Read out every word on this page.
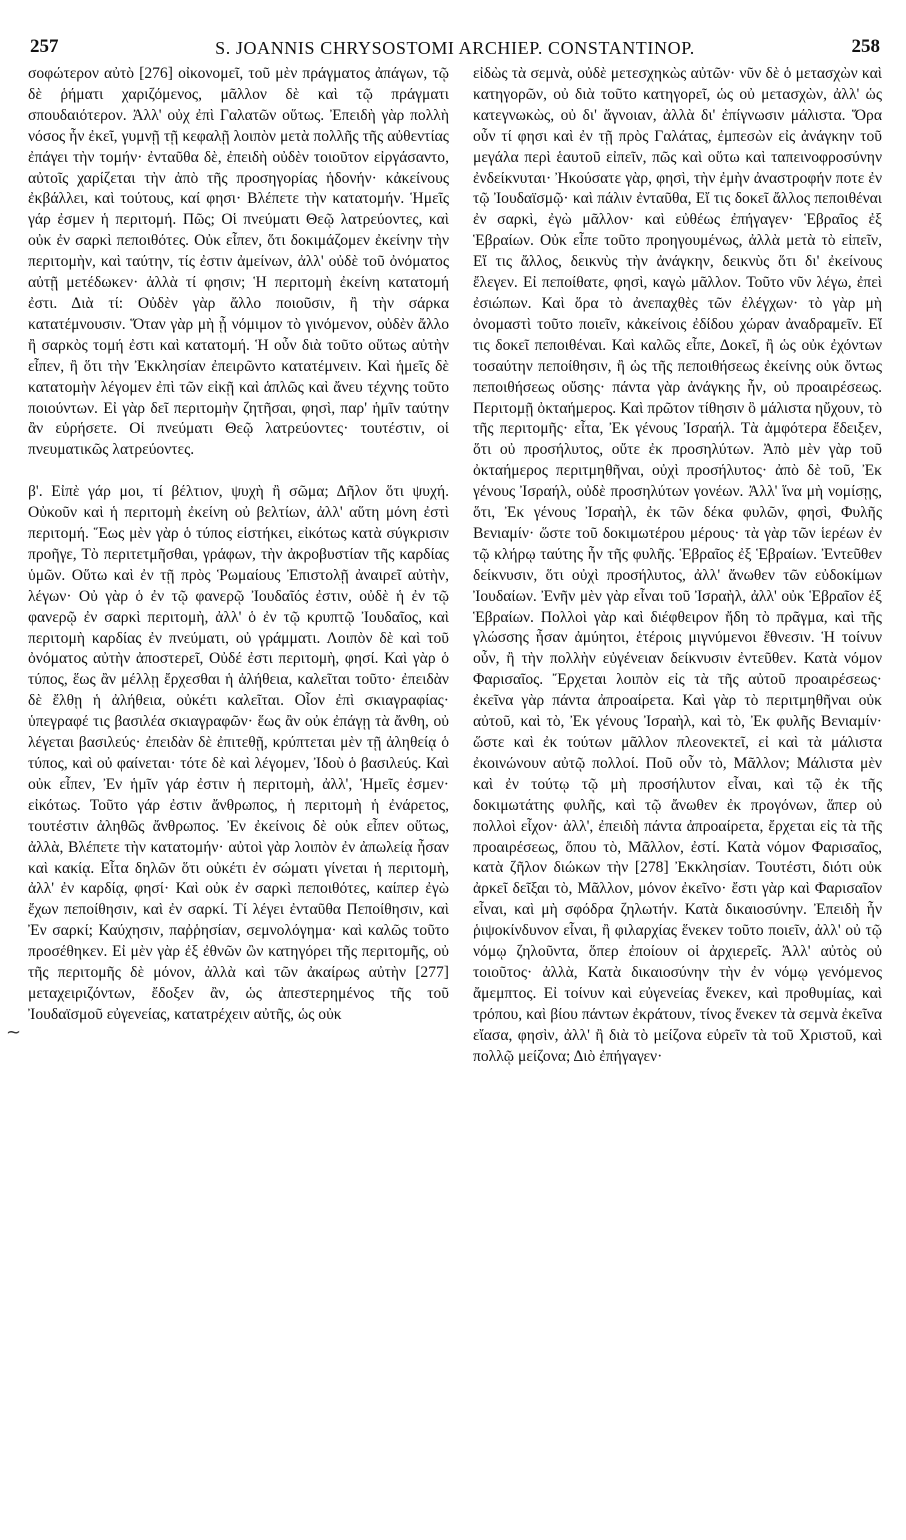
257	S. JOANNIS CHRYSOSTOMI ARCHIEP. CONSTANTINOP.	258

σοφώτερον αὐτὸ [276] οἰκονομεῖ, τοῦ μὲν πράγματος ἀπάγων, τῷ δὲ ῥήματι χαριζόμενος, μᾶλλον δὲ καὶ τῷ πράγματι σπουδαιότερον. Ἀλλ' οὐχ ἐπὶ Γαλατῶν οὕτως. Ἐπειδὴ γὰρ πολλὴ νόσος ἦν ἐκεῖ, γυμνῇ τῇ κεφαλῇ λοιπὸν μετὰ πολλῆς τῆς αὐθεντίας ἐπάγει τὴν τομήν· ἐνταῦθα δὲ, ἐπειδὴ οὐδὲν τοιοῦτον εἰργάσαντο, αὐτοῖς χαρίζεται τὴν ἀπὸ τῆς προσηγορίας ἡδονήν· κἀκείνους ἐκβάλλει, καὶ τούτους, καί φησι· Βλέπετε τὴν κατατομήν. Ἡμεῖς γάρ ἐσμεν ἡ περιτομή. Πῶς; Οἱ πνεύματι Θεῷ λατρεύοντες, καὶ οὐκ ἐν σαρκὶ πεποιθότες. Οὐκ εἶπεν, ὅτι δοκιμάζομεν ἐκείνην τὴν περιτομὴν, καὶ ταύτην, τίς ἐστιν ἀμείνων, ἀλλ' οὐδὲ τοῦ ὀνόματος αὐτῇ μετέδωκεν· ἀλλὰ τί φησιν; Ἡ περιτομὴ ἐκείνη κατατομή ἐστι. Διὰ τί: Οὐδὲν γὰρ ἄλλο ποιοῦσιν, ἢ τὴν σάρκα κατατέμνουσιν. Ὅταν γὰρ μὴ ᾖ νόμιμον τὸ γινόμενον, οὐδὲν ἄλλο ἢ σαρκὸς τομή ἐστι καὶ κατατομή. Ἡ οὖν διὰ τοῦτο οὕτως αὐτὴν εἶπεν, ἢ ὅτι τὴν Ἐκκλησίαν ἐπειρῶντο κατατέμνειν. Καὶ ἡμεῖς δὲ κατατομὴν λέγομεν ἐπὶ τῶν εἰκῇ καὶ ἁπλῶς καὶ ἄνευ τέχνης τοῦτο ποιούντων. Εἰ γὰρ δεῖ περιτομὴν ζητῆσαι, φησὶ, παρ' ἡμῖν ταύτην ἂν εὑρήσετε. Οἱ πνεύματι Θεῷ λατρεύοντες· τουτέστιν, οἱ πνευματικῶς λατρεύοντες.

β'. Εἰπὲ γάρ μοι, τί βέλτιον, ψυχὴ ἢ σῶμα; Δῆλον ὅτι ψυχή. Οὐκοῦν καὶ ἡ περιτομὴ ἐκείνη οὐ βελτίων, ἀλλ' αὕτη μόνη ἐστὶ περιτομή. Ἕως μὲν γὰρ ὁ τύπος εἱστήκει, εἰκότως κατὰ σύγκρισιν προῆγε, Τὸ περιτετμῆσθαι, γράφων, τὴν ἀκροβυστίαν τῆς καρδίας ὑμῶν. Οὕτω καὶ ἐν τῇ πρὸς Ῥωμαίους Ἐπιστολῇ ἀναιρεῖ αὐτὴν, λέγων· Οὐ γὰρ ὁ ἐν τῷ φανερῷ Ἰουδαῖός ἐστιν, οὐδὲ ἡ ἐν τῷ φανερῷ ἐν σαρκὶ περιτομὴ, ἀλλ' ὁ ἐν τῷ κρυπτῷ Ἰουδαῖος, καὶ περιτομὴ καρδίας ἐν πνεύματι, οὐ γράμματι. Λοιπὸν δὲ καὶ τοῦ ὀνόματος αὐτὴν ἀποστερεῖ, Οὐδέ ἐστι περιτομὴ, φησί. Καὶ γὰρ ὁ τύπος, ἕως ἂν μέλλῃ ἔρχεσθαι ἡ ἀλήθεια, καλεῖται τοῦτο· ἐπειδὰν δὲ ἔλθῃ ἡ ἀλήθεια, οὐκέτι καλεῖται. Οἷον ἐπὶ σκιαγραφίας· ὑπεγραφέ τις βασιλέα σκιαγραφῶν· ἕως ἂν οὐκ ἐπάγῃ τὰ ἄνθη, οὐ λέγεται βασιλεύς· ἐπειδὰν δὲ ἐπιτεθῇ, κρύπτεται μὲν τῇ ἀληθείᾳ ὁ τύπος, καὶ οὐ φαίνεται· τότε δὲ καὶ λέγομεν, Ἰδοὺ ὁ βασιλεύς. Καὶ οὐκ εἶπεν, Ἐν ἡμῖν γάρ ἐστιν ἡ περιτομὴ, ἀλλ', Ἡμεῖς ἐσμεν· εἰκότως. Τοῦτο γάρ ἐστιν ἄνθρωπος, ἡ περιτομὴ ἡ ἐνάρετος, τουτέστιν ἀληθῶς ἄνθρωπος. Ἐν ἐκείνοις δὲ οὐκ εἶπεν οὕτως, ἀλλὰ, Βλέπετε τὴν κατατομήν· αὐτοὶ γὰρ λοιπὸν ἐν ἀπωλείᾳ ἦσαν καὶ κακίᾳ. Εἶτα δηλῶν ὅτι οὐκέτι ἐν σώματι γίνεται ἡ περιτομὴ, ἀλλ' ἐν καρδίᾳ, φησί· Καὶ οὐκ ἐν σαρκὶ πεποιθότες, καίπερ ἐγὼ ἔχων πεποίθησιν, καὶ ἐν σαρκί. Τί λέγει ἐνταῦθα Πεποίθησιν, καὶ Ἐν σαρκί; Καύχησιν, παῤῥησίαν, σεμνολόγημα· καὶ καλῶς τοῦτο προσέθηκεν. Εἰ μὲν γὰρ ἐξ ἐθνῶν ὢν κατηγόρει τῆς περιτομῆς, οὐ τῆς περιτομῆς δὲ μόνον, ἀλλὰ καὶ τῶν ἀκαίρως αὐτὴν [277] μεταχειριζόντων, ἔδοξεν ἂν, ὡς ἀπεστερημένος τῆς τοῦ Ἰουδαϊσμοῦ εὐγενείας, κατατρέχειν αὐτῆς, ὡς οὐκ

εἰδὼς τὰ σεμνὰ, οὐδὲ μετεσχηκὼς αὐτῶν· νῦν δὲ ὁ μετασχὼν καὶ κατηγορῶν, οὐ διὰ τοῦτο κατηγορεῖ, ὡς οὐ μετασχὼν, ἀλλ' ὡς κατεγνωκὼς, οὐ δι' ἄγνοιαν, ἀλλὰ δι' ἐπίγνωσιν μάλιστα. Ὅρα οὖν τί φησι καὶ ἐν τῇ πρὸς Γαλάτας, ἐμπεσὼν εἰς ἀνάγκην τοῦ μεγάλα περὶ ἑαυτοῦ εἰπεῖν, πῶς καὶ οὕτω καὶ ταπεινοφροσύνην ἐνδείκνυται· Ἠκούσατε γὰρ, φησὶ, τὴν ἐμὴν ἀναστροφήν ποτε ἐν τῷ Ἰουδαϊσμῷ· καὶ πάλιν ἐνταῦθα, Εἴ τις δοκεῖ ἄλλος πεποιθέναι ἐν σαρκὶ, ἐγὼ μᾶλλον· καὶ εὐθέως ἐπήγαγεν· Ἑβραῖος ἐξ Ἑβραίων. Οὐκ εἶπε τοῦτο προηγουμένως, ἀλλὰ μετὰ τὸ εἰπεῖν, Εἴ τις ἄλλος, δεικνὺς τὴν ἀνάγκην, δεικνὺς ὅτι δι' ἐκείνους ἔλεγεν. Εἰ πεποίθατε, φησὶ, καγὼ μᾶλλον. Τοῦτο νῦν λέγω, ἐπεὶ ἐσιώπων. Καὶ ὅρα τὸ ἀνεπαχθὲς τῶν ἐλέγχων· τὸ γὰρ μὴ ὀνομαστὶ τοῦτο ποιεῖν, κἀκείνοις ἐδίδου χώραν ἀναδραμεῖν. Εἴ τις δοκεῖ πεποιθέναι. Καὶ καλῶς εἶπε, Δοκεῖ, ἢ ὡς οὐκ ἐχόντων τοσαύτην πεποίθησιν, ἢ ὡς τῆς πεποιθήσεως ἐκείνης οὐκ ὄντως πεποιθήσεως οὔσης· πάντα γὰρ ἀνάγκης ἦν, οὐ προαιρέσεως. Περιτομῇ ὀκταήμερος. Καὶ πρῶτον τίθησιν ὃ μάλιστα ηὔχουν, τὸ τῆς περιτομῆς· εἶτα, Ἐκ γένους Ἰσραήλ. Τὰ ἀμφότερα ἔδειξεν, ὅτι οὐ προσήλυτος, οὔτε ἐκ προσηλύτων. Ἀπὸ μὲν γὰρ τοῦ ὀκταήμερος περιτμηθῆναι, οὐχὶ προσήλυτος· ἀπὸ δὲ τοῦ, Ἐκ γένους Ἰσραήλ, οὐδὲ προσηλύτων γονέων. Ἀλλ' ἵνα μὴ νομίσῃς, ὅτι, Ἐκ γένους Ἰσραὴλ, ἐκ τῶν δέκα φυλῶν, φησὶ, Φυλῆς Βενιαμίν· ὥστε τοῦ δοκιμωτέρου μέρους· τὰ γὰρ τῶν ἱερέων ἐν τῷ κλήρῳ ταύτης ἦν τῆς φυλῆς. Ἑβραῖος ἐξ Ἑβραίων. Ἐντεῦθεν δείκνυσιν, ὅτι οὐχὶ προσήλυτος, ἀλλ' ἄνωθεν τῶν εὐδοκίμων Ἰουδαίων. Ἐνῆν μὲν γὰρ εἶναι τοῦ Ἰσραὴλ, ἀλλ' οὐκ Ἑβραῖον ἐξ Ἑβραίων. Πολλοὶ γὰρ καὶ διέφθειρον ἤδη τὸ πρᾶγμα, καὶ τῆς γλώσσης ἦσαν ἀμύητοι, ἑτέροις μιγνύμενοι ἔθνεσιν. Ἡ τοίνυν οὖν, ἢ τὴν πολλὴν εὐγένειαν δείκνυσιν ἐντεῦθεν. Κατὰ νόμον Φαρισαῖος. Ἔρχεται λοιπὸν εἰς τὰ τῆς αὐτοῦ προαιρέσεως· ἐκεῖνα γὰρ πάντα ἀπροαίρετα. Καὶ γὰρ τὸ περιτμηθῆναι οὐκ αὐτοῦ, καὶ τὸ, Ἐκ γένους Ἰσραὴλ, καὶ τὸ, Ἐκ φυλῆς Βενιαμίν· ὥστε καὶ ἐκ τούτων μᾶλλον πλεονεκτεῖ, εἰ καὶ τὰ μάλιστα ἐκοινώνουν αὐτῷ πολλοί. Ποῦ οὖν τὸ, Μᾶλλον; Μάλιστα μὲν καὶ ἐν τούτῳ τῷ μὴ προσήλυτον εἶναι, καὶ τῷ ἐκ τῆς δοκιμωτάτης φυλῆς, καὶ τῷ ἄνωθεν ἐκ προγόνων, ἅπερ οὐ πολλοὶ εἶχον· ἀλλ', ἐπειδὴ πάντα ἀπροαίρετα, ἔρχεται εἰς τὰ τῆς προαιρέσεως, ὅπου τὸ, Μᾶλλον, ἐστί. Κατὰ νόμον Φαρισαῖος, κατὰ ζῆλον διώκων τὴν [278] Ἐκκλησίαν. Τουτέστι, διότι οὐκ ἀρκεῖ δεῖξαι τὸ, Μᾶλλον, μόνον ἐκεῖνο· ἔστι γὰρ καὶ Φαρισαῖον εἶναι, καὶ μὴ σφόδρα ζηλωτήν. Κατὰ δικαιοσύνην. Ἐπειδὴ ἦν ῥιψοκίνδυνον εἶναι, ἢ φιλαρχίας ἕνεκεν τοῦτο ποιεῖν, ἀλλ' οὐ τῷ νόμῳ ζηλοῦντα, ὅπερ ἐποίουν οἱ ἀρχιερεῖς. Ἀλλ' αὐτὸς οὐ τοιοῦτος· ἀλλὰ, Κατὰ δικαιοσύνην τὴν ἐν νόμῳ γενόμενος ἄμεμπτος. Εἰ τοίνυν καὶ εὐγενείας ἕνεκεν, καὶ προθυμίας, καὶ τρόπου, καὶ βίου πάντων ἐκράτουν, τίνος ἕνεκεν τὰ σεμνὰ ἐκεῖνα εἴασα, φησὶν, ἀλλ' ἢ διὰ τὸ μείζονα εὑρεῖν τὰ τοῦ Χριστοῦ, καὶ πολλῷ μείζονα; Διὸ ἐπήγαγεν·

~
